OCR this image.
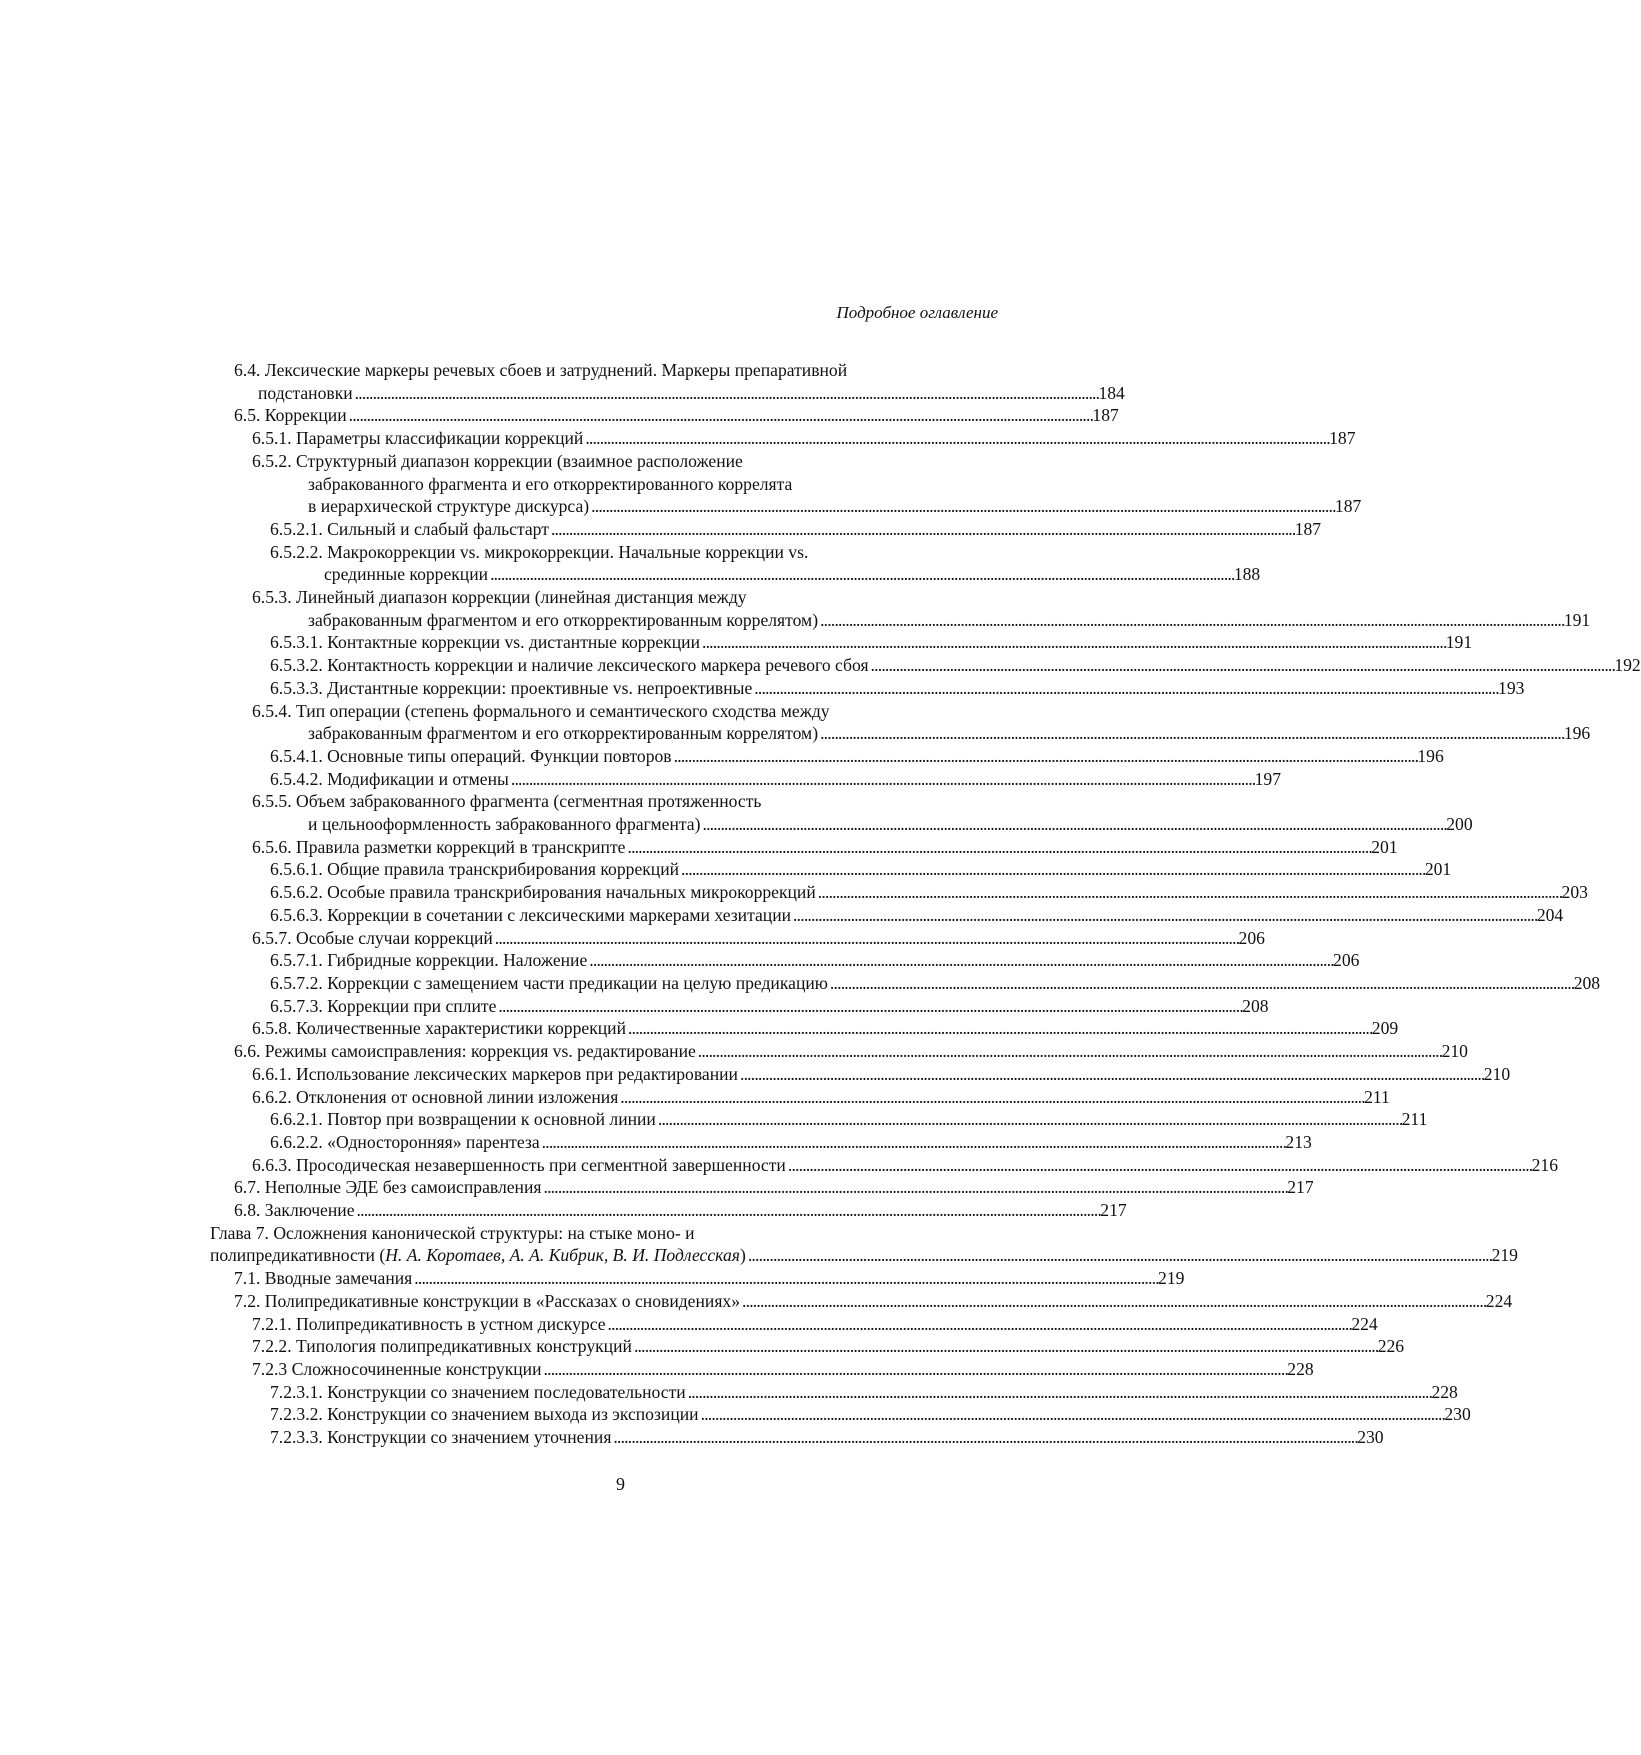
Подробное оглавление
6.4. Лексические маркеры речевых сбоев и затруднений. Маркеры препаративной
подстановки . . .	184
6.5. Коррекции . . .	187
6.5.1. Параметры классификации коррекций . . .	187
6.5.2. Структурный диапазон коррекции (взаимное расположение
забракованного фрагмента и его откорректированного коррелята
в иерархической структуре дискурса) . . .	187
6.5.2.1. Сильный и слабый фальстарт . . .	187
6.5.2.2. Макрокоррекции vs. микрокоррекции. Начальные коррекции vs.
срединные коррекции . . .	188
6.5.3. Линейный диапазон коррекции (линейная дистанция между
забракованным фрагментом и его откорректированным коррелятом) . . .	191
6.5.3.1. Контактные коррекции vs. дистантные коррекции . . .	191
6.5.3.2. Контактность коррекции и наличие лексического маркера речевого сбоя . . .	192
6.5.3.3. Дистантные коррекции: проективные vs. непроективные . . .	193
6.5.4. Тип операции (степень формального и семантического сходства между
забракованным фрагментом и его откорректированным коррелятом) . . .	196
6.5.4.1. Основные типы операций. Функции повторов . . .	196
6.5.4.2. Модификации и отмены . . .	197
6.5.5. Объем забракованного фрагмента (сегментная протяженность
и цельнооформленность забракованного фрагмента) . . .	200
6.5.6. Правила разметки коррекций в транскрипте . . .	201
6.5.6.1. Общие правила транскрибирования коррекций . . .	201
6.5.6.2. Особые правила транскрибирования начальных микрокоррекций . . .	203
6.5.6.3. Коррекции в сочетании с лексическими маркерами хезитации . . .	204
6.5.7. Особые случаи коррекций . . .	206
6.5.7.1. Гибридные коррекции. Наложение . . .	206
6.5.7.2. Коррекции с замещением части предикации на целую предикацию . . .	208
6.5.7.3. Коррекции при сплите . . .	208
6.5.8. Количественные характеристики коррекций . . .	209
6.6. Режимы самоисправления: коррекция vs. редактирование . . .	210
6.6.1. Использование лексических маркеров при редактировании . . .	210
6.6.2. Отклонения от основной линии изложения . . .	211
6.6.2.1. Повтор при возвращении к основной линии . . .	211
6.6.2.2. «Односторонняя» парентеза . . .	213
6.6.3. Просодическая незавершенность при сегментной завершенности . . .	216
6.7. Неполные ЭДЕ без самоисправления . . .	217
6.8. Заключение . . .	217
Глава 7. Осложнения канонической структуры: на стыке моно- и
полипредикативности (Н. А. Коротаев, А. А. Кибрик, В. И. Подлесская) . . .	219
7.1. Вводные замечания . . .	219
7.2. Полипредикативные конструкции в «Рассказах о сновидениях» . . .	224
7.2.1. Полипредикативность в устном дискурсе . . .	224
7.2.2. Типология полипредикативных конструкций . . .	226
7.2.3 Сложносочиненные конструкции . . .	228
7.2.3.1. Конструкции со значением последовательности . . .	228
7.2.3.2. Конструкции со значением выхода из экспозиции . . .	230
7.2.3.3. Конструкции со значением уточнения . . .	230
9
